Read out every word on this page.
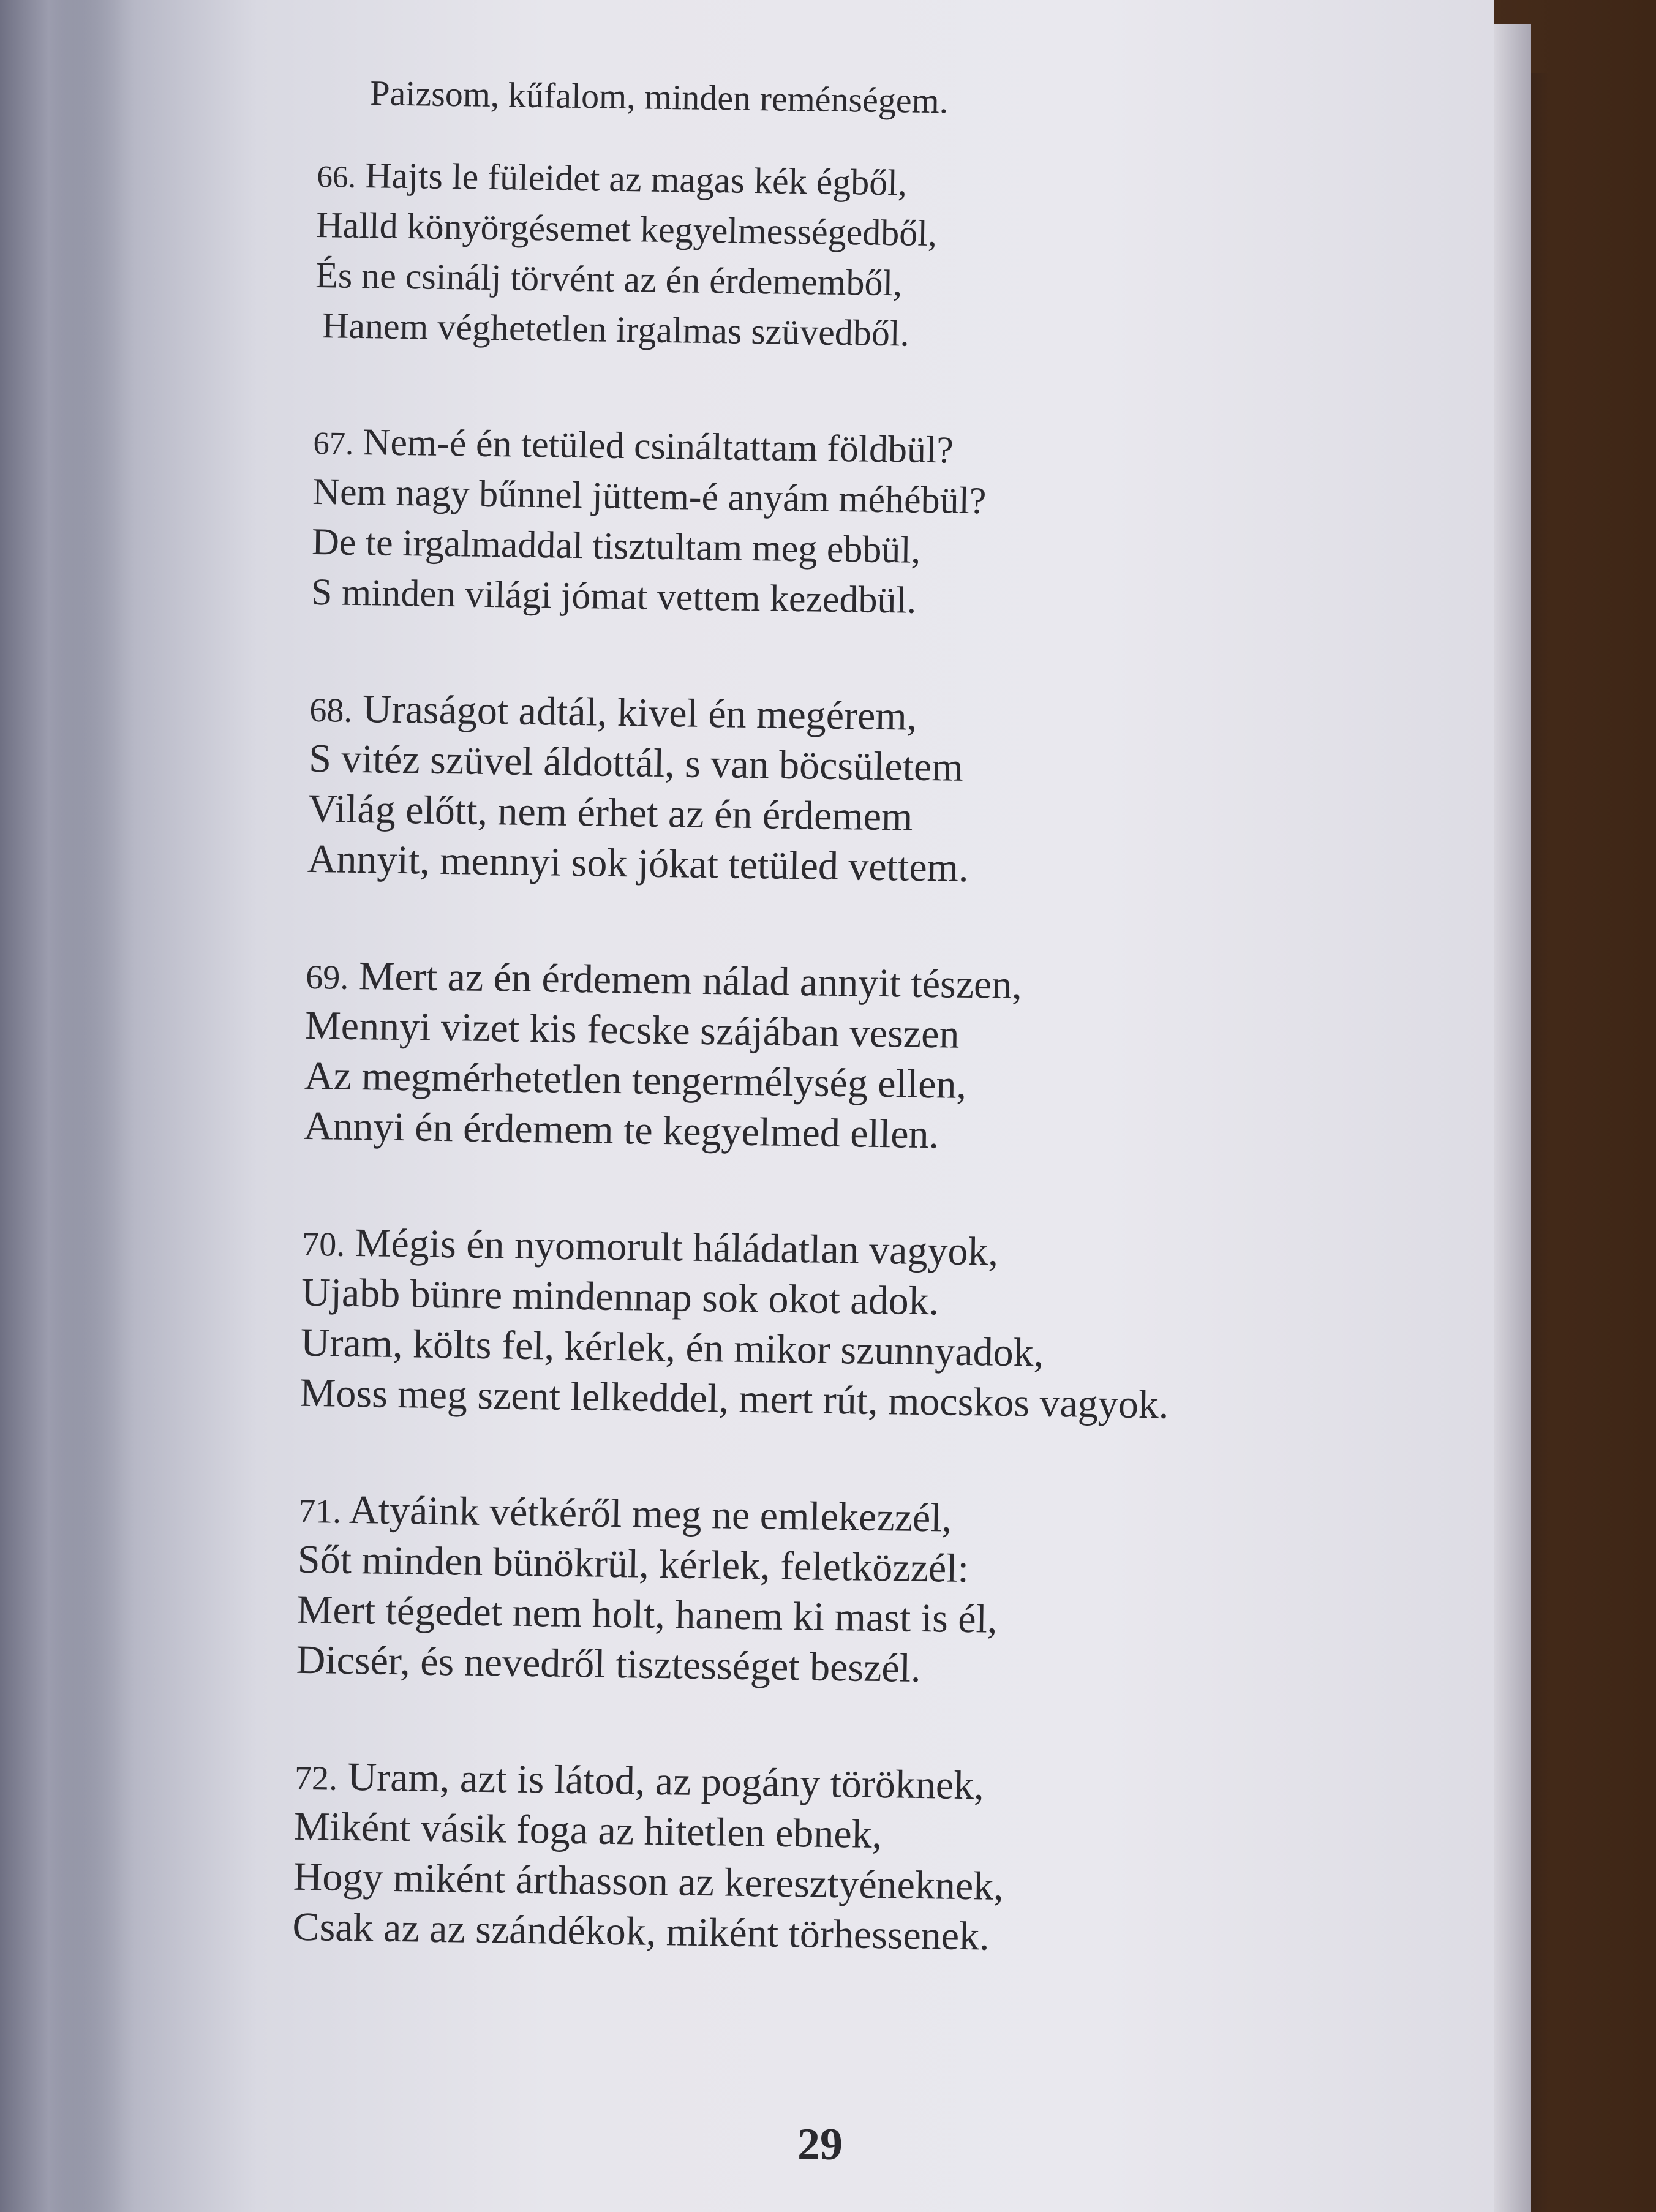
Paizsom, kűfalom, minden reménségem.
66. Hajts le füleidet az magas kék égből,
Halld könyörgésemet kegyelmességedből,
És ne csinálj törvént az én érdememből,
Hanem véghetetlen irgalmas szüvedből.
67. Nem-é én tetüled csináltattam földbül?
Nem nagy bűnnel jüttem-é anyám méhébül?
De te irgalmaddal tisztultam meg ebbül,
S minden világi jómat vettem kezedbül.
68. Uraságot adtál, kivel én megérem,
S vitéz szüvel áldottál, s van böcsületem
Világ előtt, nem érhet az én érdemem
Annyit, mennyi sok jókat tetüled vettem.
69. Mert az én érdemem nálad annyit tészen,
Mennyi vizet kis fecske szájában veszen
Az megmérhetetlen tengermélység ellen,
Annyi én érdemem te kegyelmed ellen.
70. Mégis én nyomorult háládatlan vagyok,
Ujabb bünre mindennap sok okot adok.
Uram, költs fel, kérlek, én mikor szunnyadok,
Moss meg szent lelkeddel, mert rút, mocskos vagyok.
71. Atyáink vétkéről meg ne emlekezzél,
Sőt minden bünökrül, kérlek, feletközzél:
Mert tégedet nem holt, hanem ki mast is él,
Dicsér, és nevedről tisztességet beszél.
72. Uram, azt is látod, az pogány töröknek,
Miként vásik foga az hitetlen ebnek,
Hogy miként árthasson az keresztyéneknek,
Csak az az szándékok, miként törhessenek.
29
